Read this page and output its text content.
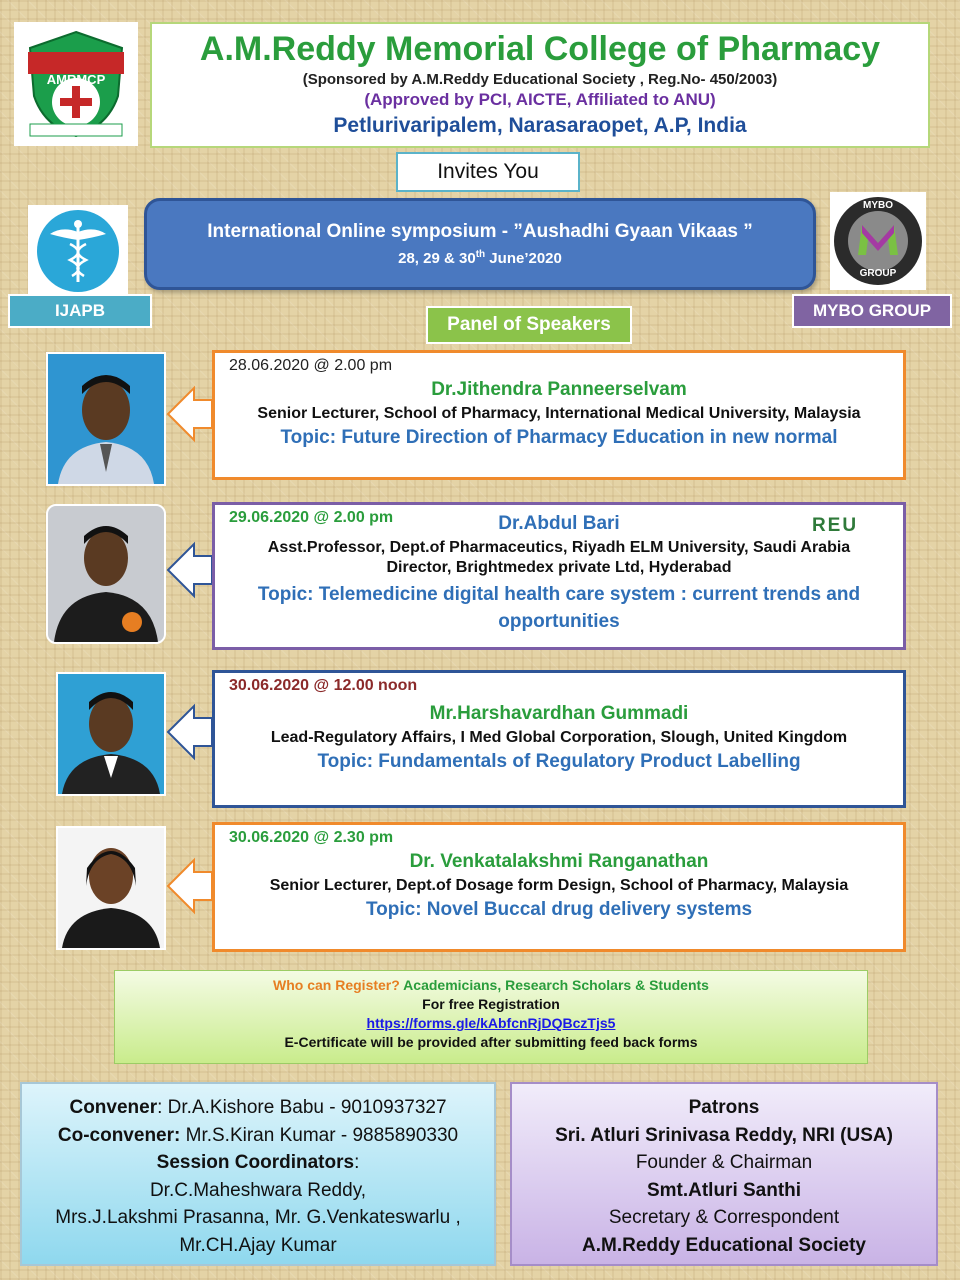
AMRMCP
A.M.Reddy Memorial College of Pharmacy
(Sponsored by A.M.Reddy Educational Society , Reg.No- 450/2003)
(Approved by PCI, AICTE, Affiliated to ANU)
Petlurivaripalem, Narasaraopet, A.P, India
Invites You
IJAPB
International Online symposium - ”Aushadhi Gyaan Vikaas ”
28, 29 & 30th June’2020
MYBO
GROUP
MYBO GROUP
Panel of Speakers
28.06.2020 @ 2.00 pm
Dr.Jithendra Panneerselvam
Senior Lecturer, School of Pharmacy, International Medical University, Malaysia
Topic: Future Direction of Pharmacy Education in new normal
29.06.2020 @ 2.00 pm	REU
Dr.Abdul Bari
Asst.Professor, Dept.of Pharmaceutics, Riyadh ELM University, Saudi Arabia
Director, Brightmedex private Ltd, Hyderabad
Topic: Telemedicine digital health care system : current trends and opportunities
30.06.2020 @ 12.00 noon
Mr.Harshavardhan Gummadi
Lead-Regulatory Affairs, I Med Global Corporation, Slough, United Kingdom
Topic: Fundamentals of Regulatory Product Labelling
30.06.2020 @ 2.30 pm
Dr. Venkatalakshmi Ranganathan
Senior Lecturer, Dept.of Dosage form Design, School of Pharmacy, Malaysia
Topic: Novel Buccal drug delivery systems
Who can Register? Academicians, Research Scholars & Students
For free Registration
https://forms.gle/kAbfcnRjDQBczTjs5
E-Certificate will be provided after submitting feed back forms
Convener: Dr.A.Kishore Babu - 9010937327
Co-convener: Mr.S.Kiran Kumar - 9885890330
Session Coordinators:
Dr.C.Maheshwara Reddy,
Mrs.J.Lakshmi Prasanna, Mr. G.Venkateswarlu ,
Mr.CH.Ajay Kumar
Patrons
Sri. Atluri Srinivasa Reddy, NRI (USA)
Founder & Chairman
Smt.Atluri Santhi
Secretary & Correspondent
A.M.Reddy Educational Society
